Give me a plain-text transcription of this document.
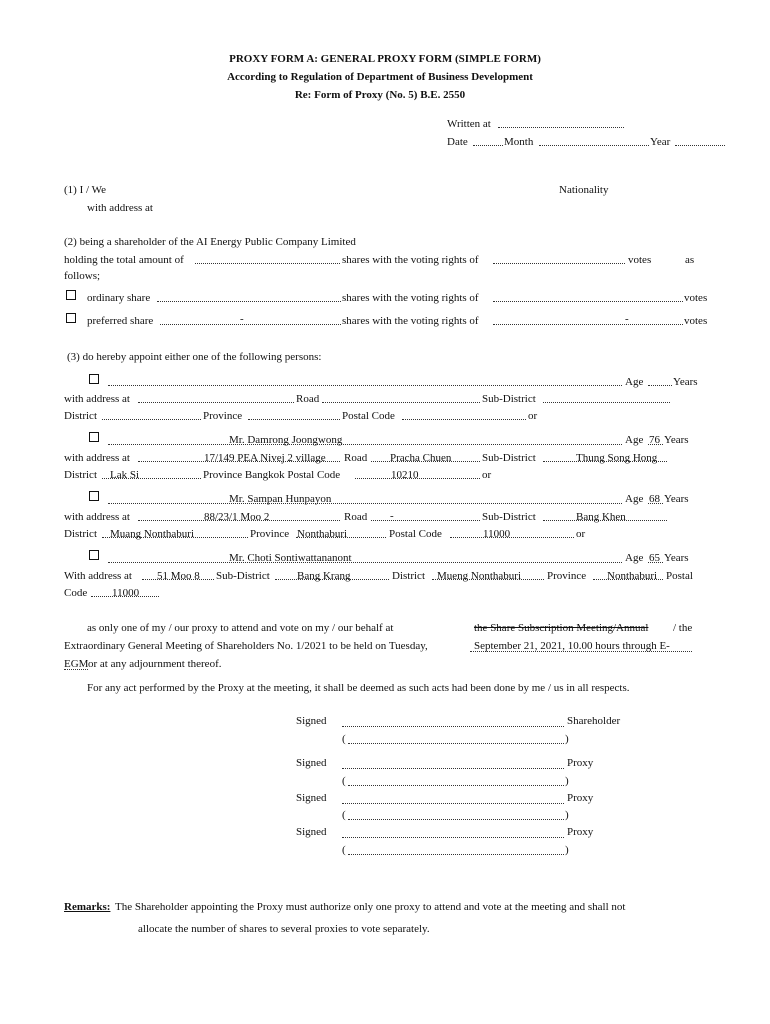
PROXY FORM A: GENERAL PROXY FORM (SIMPLE FORM)
According to Regulation of Department of Business Development
Re: Form of Proxy (No. 5) B.E. 2550
Written at
Date	Month	Year
(1) I / We	Nationality
with address at
(2) being a shareholder of the AI Energy Public Company Limited
holding the total amount of	shares with the voting rights of	votes	as
follows;
ordinary share	shares with the voting rights of	votes
preferred share	-	shares with the voting rights of	-	votes
(3) do hereby appoint either one of the following persons:
Age	Years
with address at	Road	Sub-District
District	Province	Postal Code	or
Mr. Damrong Joongwong	Age 76 Years
with address at	17/149 PEA Nivej 2 village Road Pracha Chuen	Sub-District	Thung Song Hong
District Lak Si	Province Bangkok Postal Code	10210	or
Mr. Sampan Hunpayon	Age 68 Years
with address at	88/23/1 Moo 2	Road -	Sub-District	Bang Khen
District Muang Nonthaburi	Province Nonthaburi	Postal Code	11000	or
Mr. Choti Sontiwattananont	Age 65 Years
With address at 51 Moo 8 Sub-District Bang Krang	District Mueng Nonthaburi Province Nonthaburi Postal
Code 11000
as only one of my / our proxy to attend and vote on my / our behalf at	the Share Subscription Meeting/Annual / the
Extraordinary General Meeting of Shareholders No. 1/2021 to be held on Tuesday,	September 21, 2021, 10.00 hours through E-
EGM or at any adjournment thereof.
For any act performed by the Proxy at the meeting, it shall be deemed as such acts had been done by me / us in all respects.
Signed	Shareholder
(	)
Signed	Proxy
(	)
Signed	Proxy
(	)
Signed	Proxy
(	)
Remarks: The Shareholder appointing the Proxy must authorize only one proxy to attend and vote at the meeting and shall not
allocate the number of shares to several proxies to vote separately.
